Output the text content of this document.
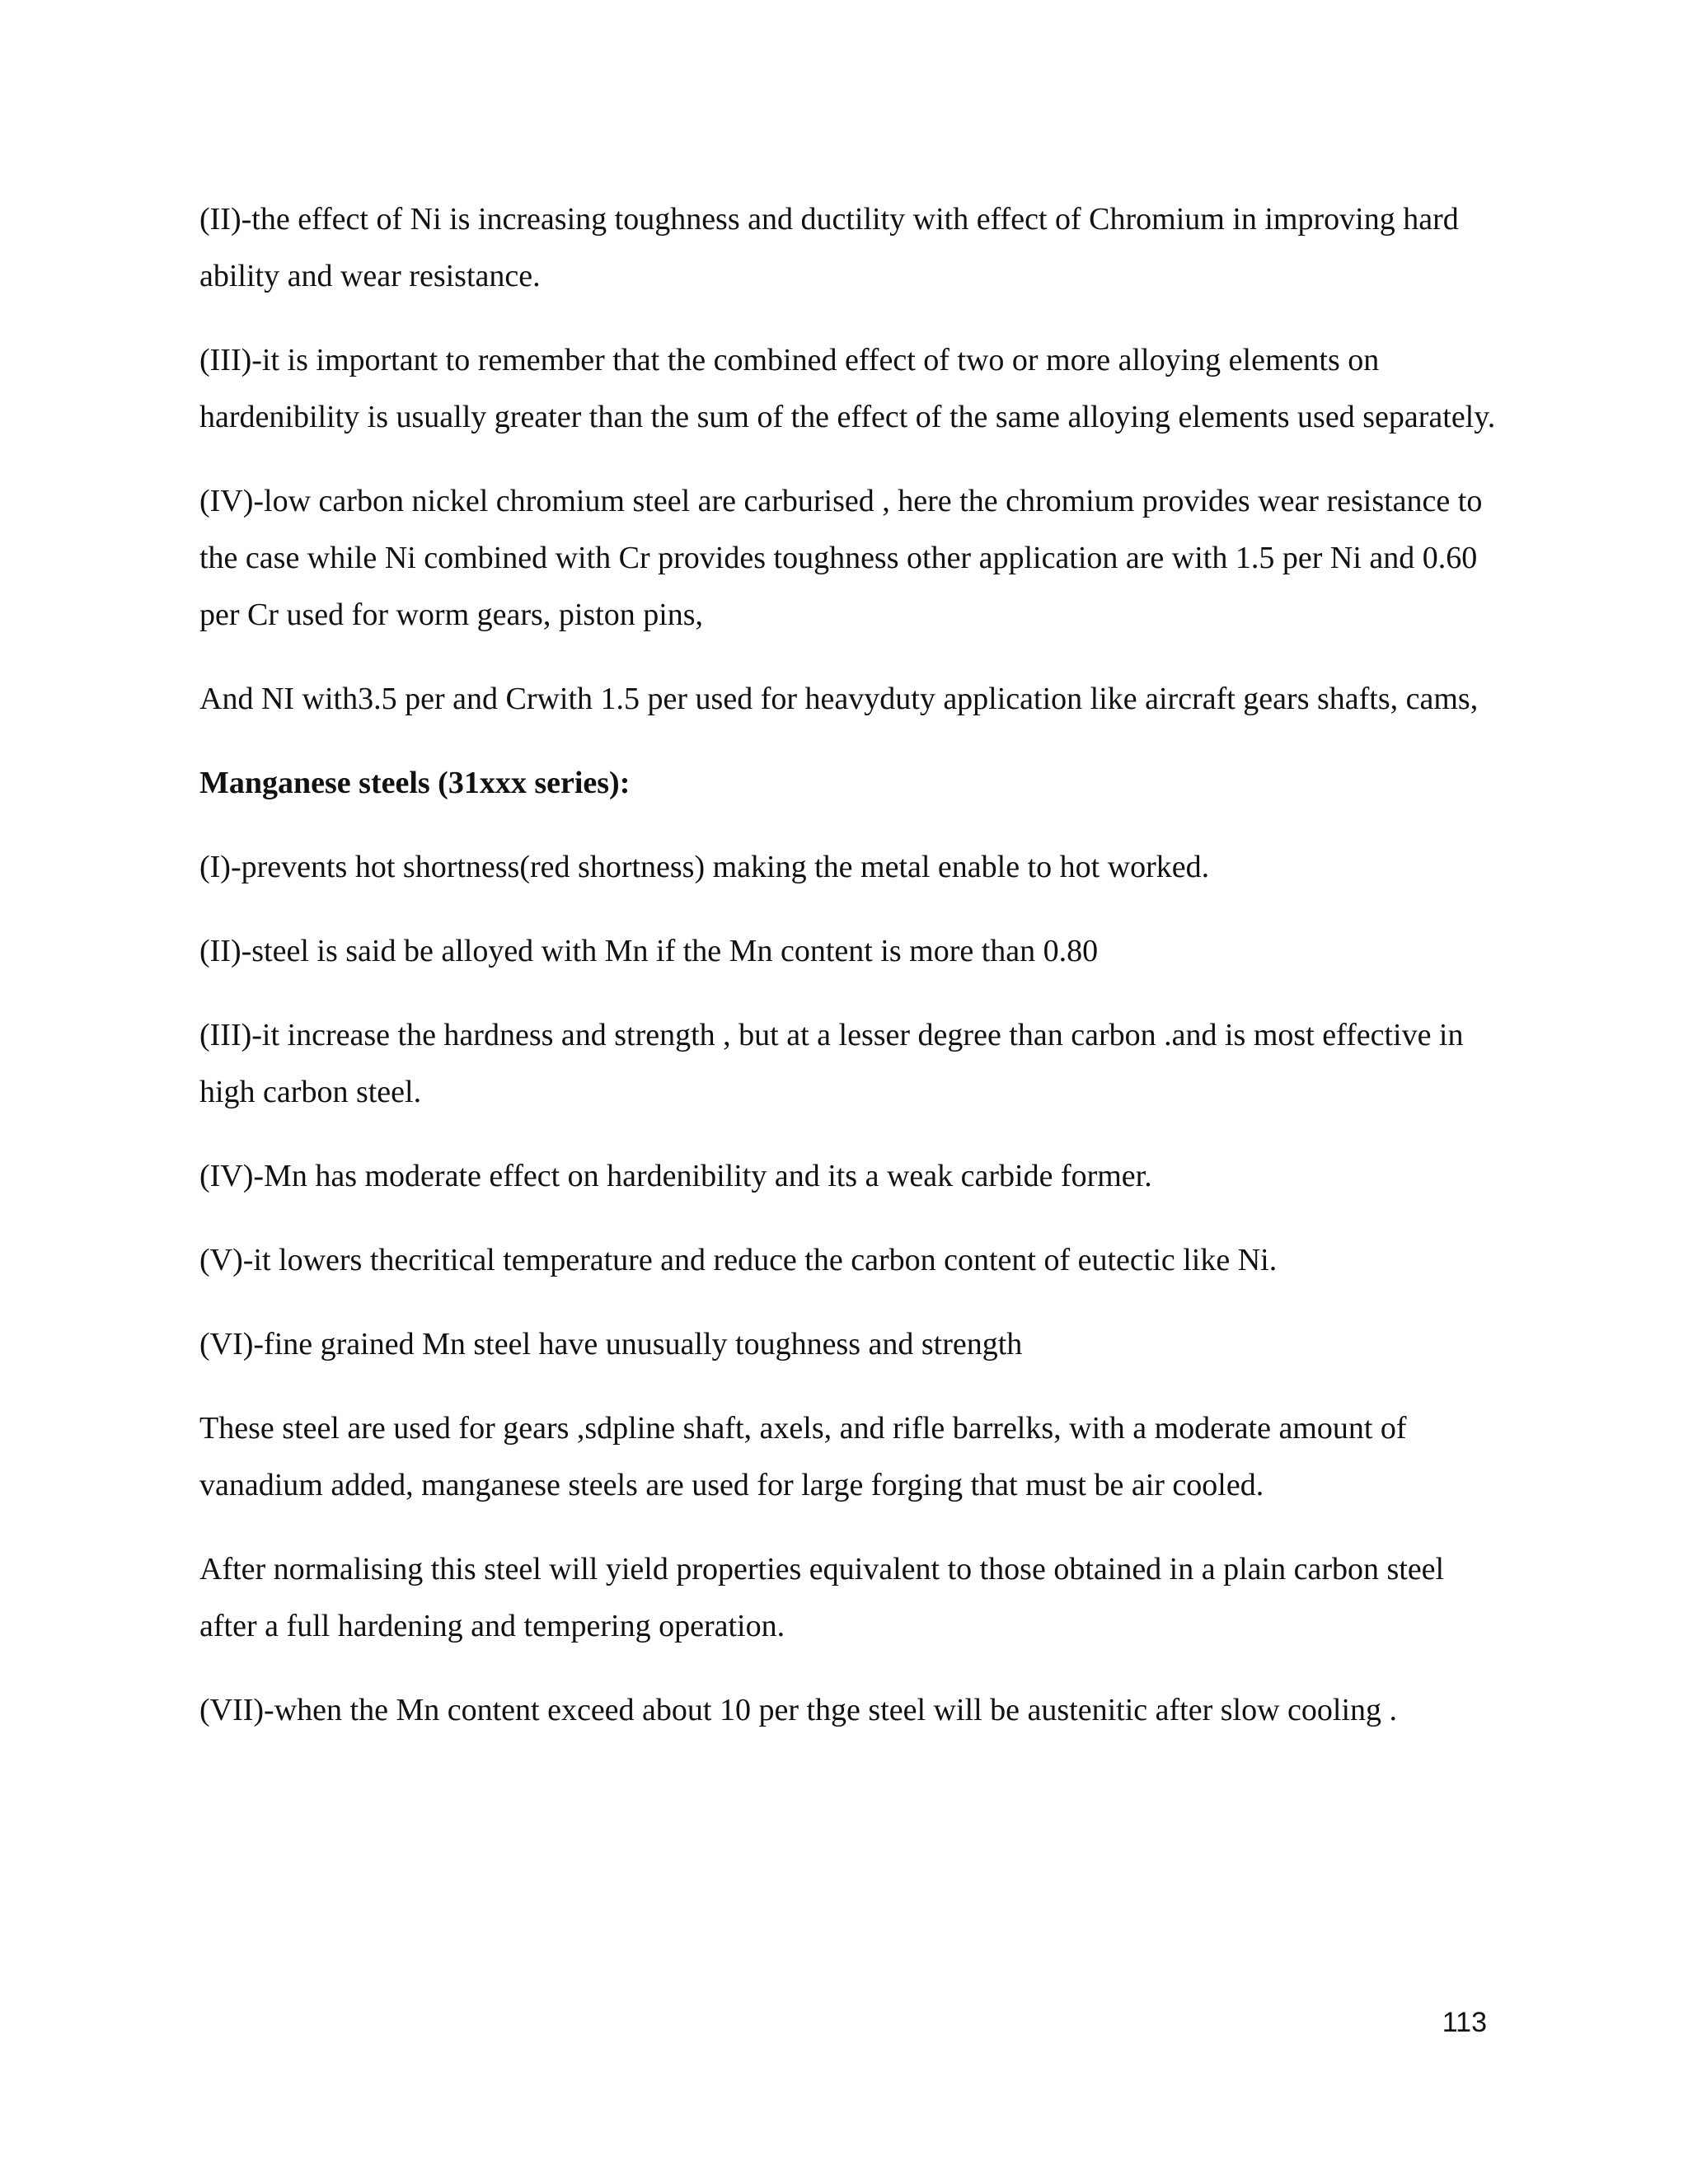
(II)-the effect of Ni is increasing toughness and ductility with effect of Chromium in improving hard ability and wear resistance.

(III)-it is important to remember that the combined effect of two or more alloying elements on hardenibility is usually greater than the sum of the effect of the same alloying elements used separately.

(IV)-low carbon nickel chromium steel are carburised , here the chromium provides wear resistance to the case while Ni combined with Cr provides toughness other application are with 1.5 per Ni and 0.60 per Cr used for worm gears, piston pins,

And NI with3.5 per and Crwith 1.5 per used for heavyduty application like aircraft gears shafts, cams,

Manganese steels (31xxx series):

(I)-prevents hot shortness(red shortness) making the metal enable to hot worked.

(II)-steel is said be alloyed with Mn if the Mn content is more than 0.80

(III)-it increase the hardness and strength , but at a lesser degree than carbon .and is most effective in high carbon steel.

(IV)-Mn has moderate effect on hardenibility and its a weak carbide former.

(V)-it lowers thecritical temperature and reduce the carbon content of eutectic like Ni.

(VI)-fine grained Mn steel have unusually toughness and strength

These steel are used for gears ,sdpline shaft, axels, and rifle barrelks, with a moderate amount of vanadium added, manganese steels are used for large forging that must be air cooled.

After normalising this steel will yield properties equivalent to those obtained in a plain carbon steel after a full hardening and tempering operation.

(VII)-when the Mn content exceed about 10 per thge steel will be austenitic after slow cooling .

113
